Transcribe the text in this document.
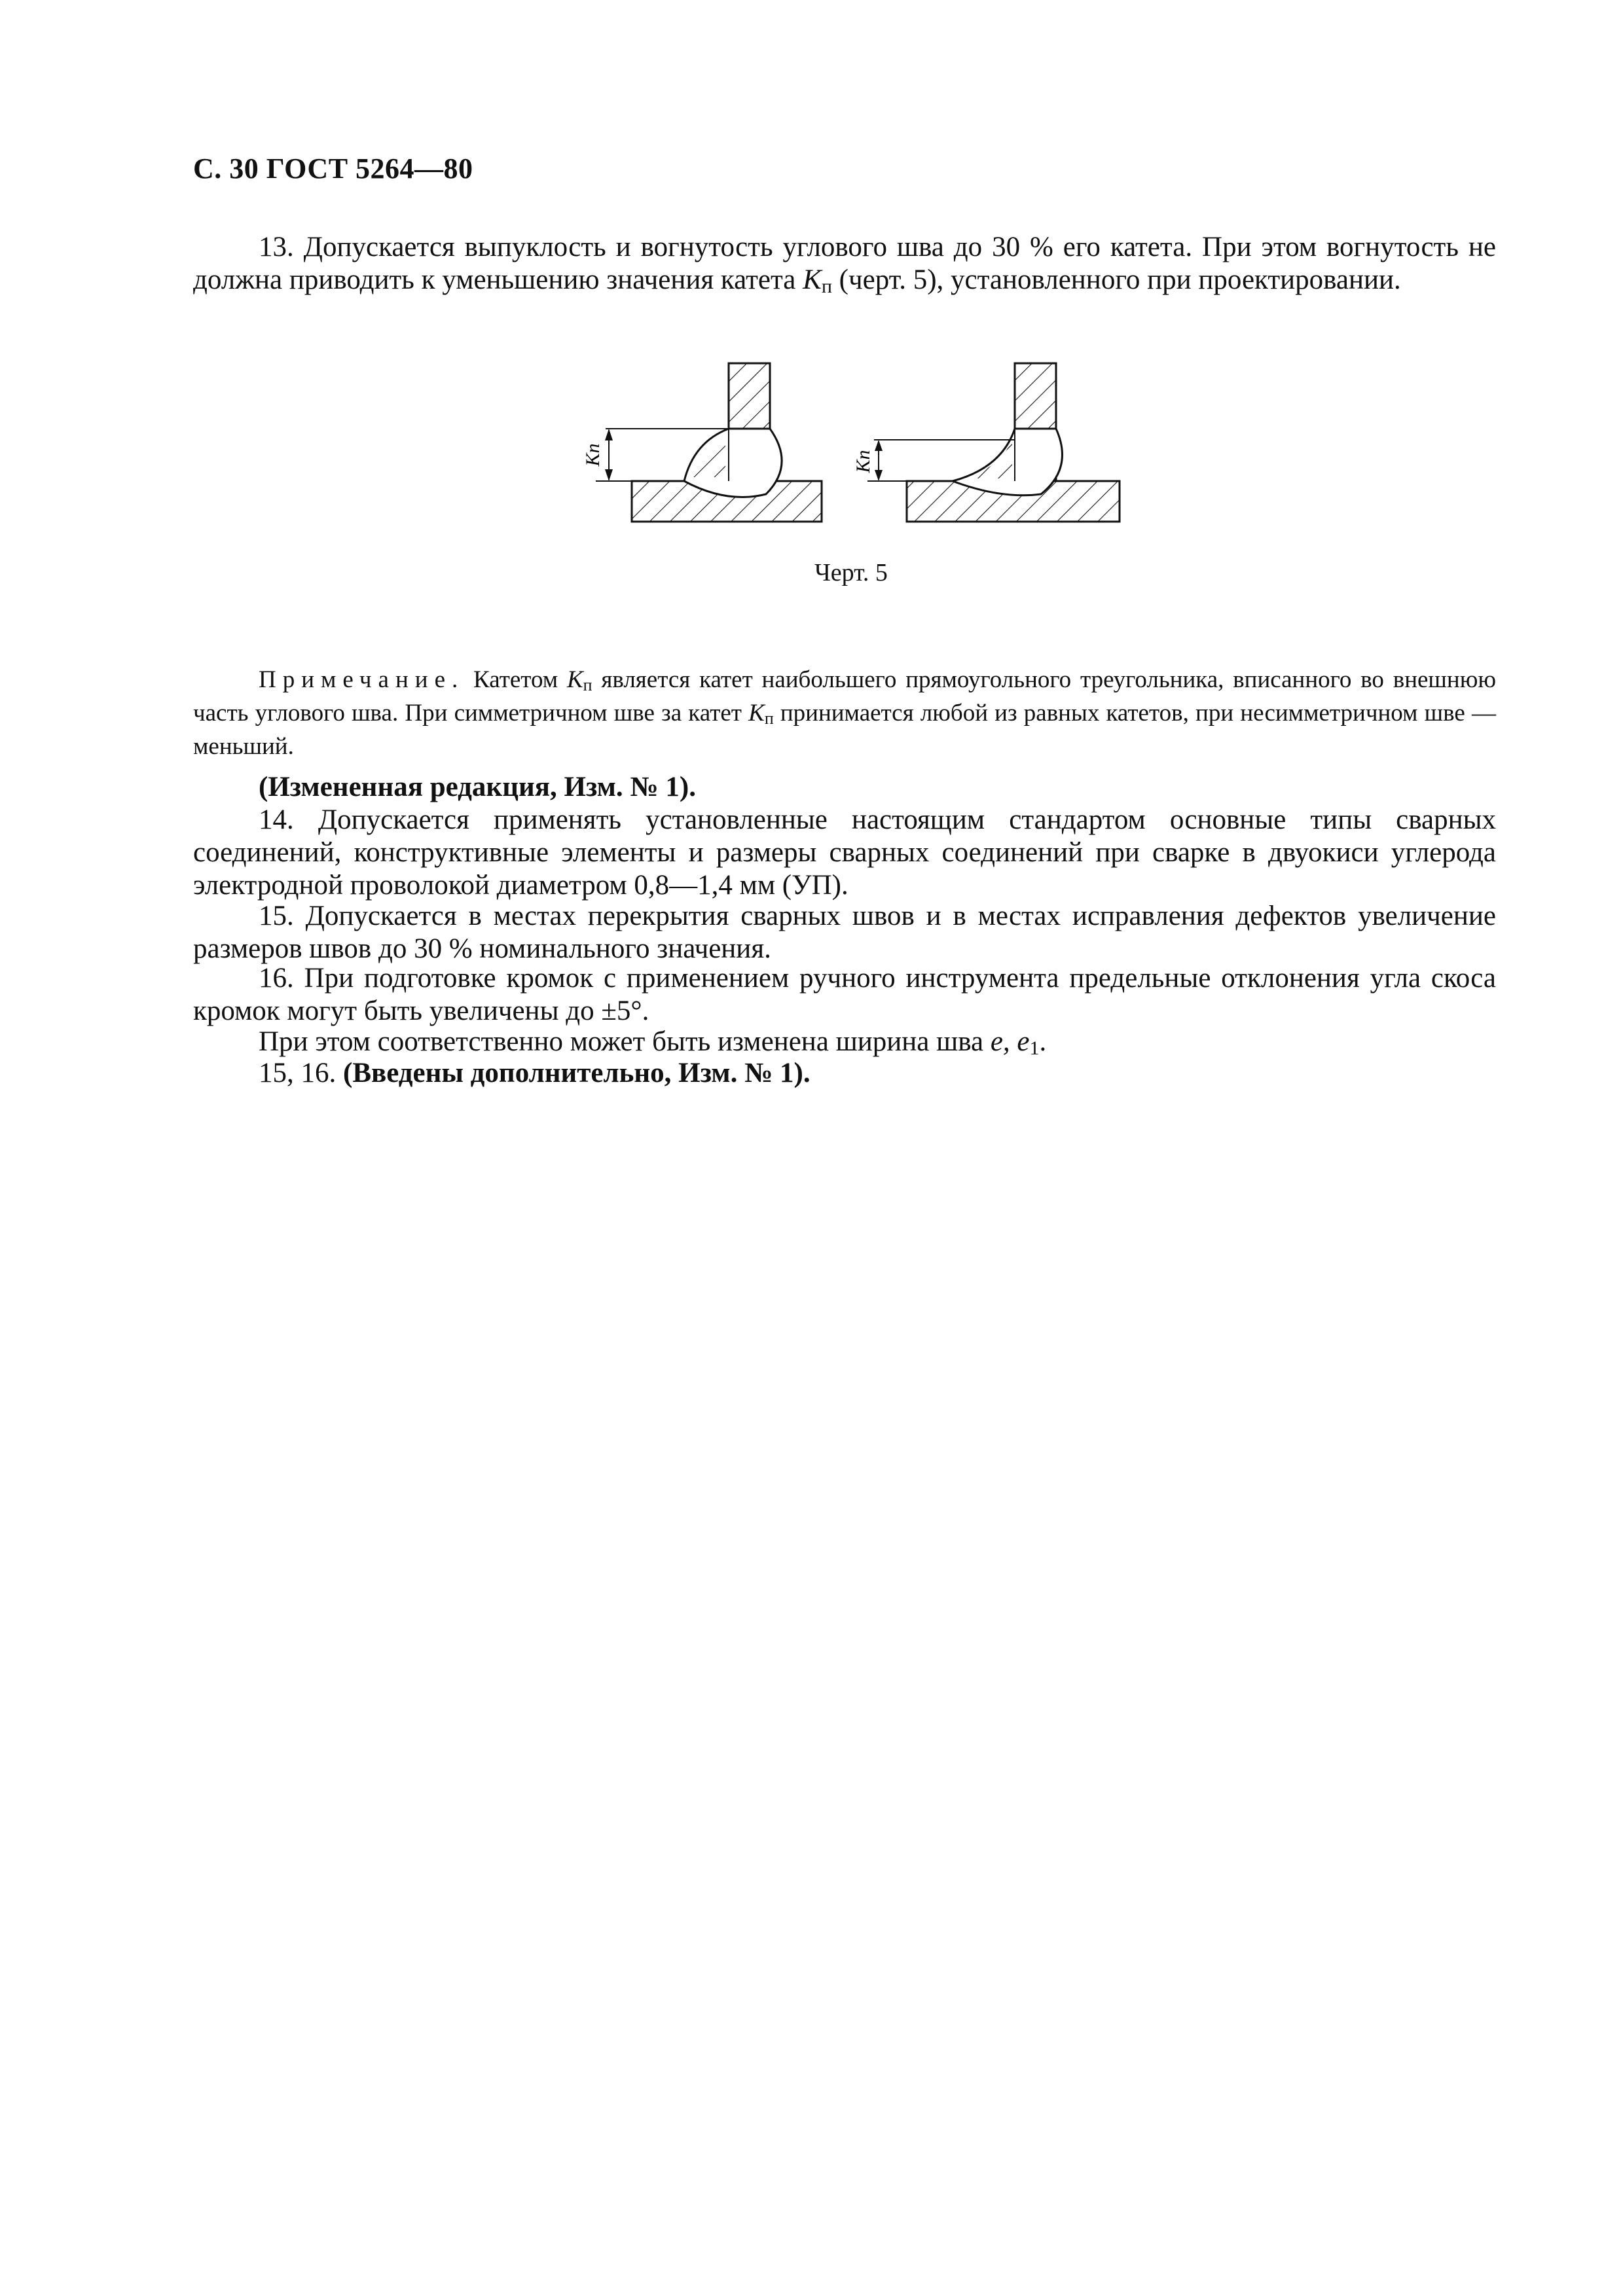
С. 30 ГОСТ 5264—80
13. Допускается выпуклость и вогнутость углового шва до 30 % его катета. При этом вогнутость не должна приводить к уменьшению значения катета Kп (черт. 5), установленного при проектировании.
Kп	Kп
Черт. 5
Примечание. Катетом $K_п$ является катет наибольшего прямоугольного треугольника, вписанного во внешнюю часть углового шва. При симметричном шве за катет $K_п$ принимается любой из равных катетов, при несимметричном шве — меньший.
(Измененная редакция, Изм. № 1).
14. Допускается применять установленные настоящим стандартом основные типы сварных соединений, конструктивные элементы и размеры сварных соединений при сварке в двуокиси углерода электродной проволокой диаметром 0,8—1,4 мм (УП).
15. Допускается в местах перекрытия сварных швов и в местах исправления дефектов увеличение размеров швов до 30 % номинального значения.
16. При подготовке кромок с применением ручного инструмента предельные отклонения угла скоса кромок могут быть увеличены до ±5°.
При этом соответственно может быть изменена ширина шва e, e1.
15, 16. (Введены дополнительно, Изм. № 1).
